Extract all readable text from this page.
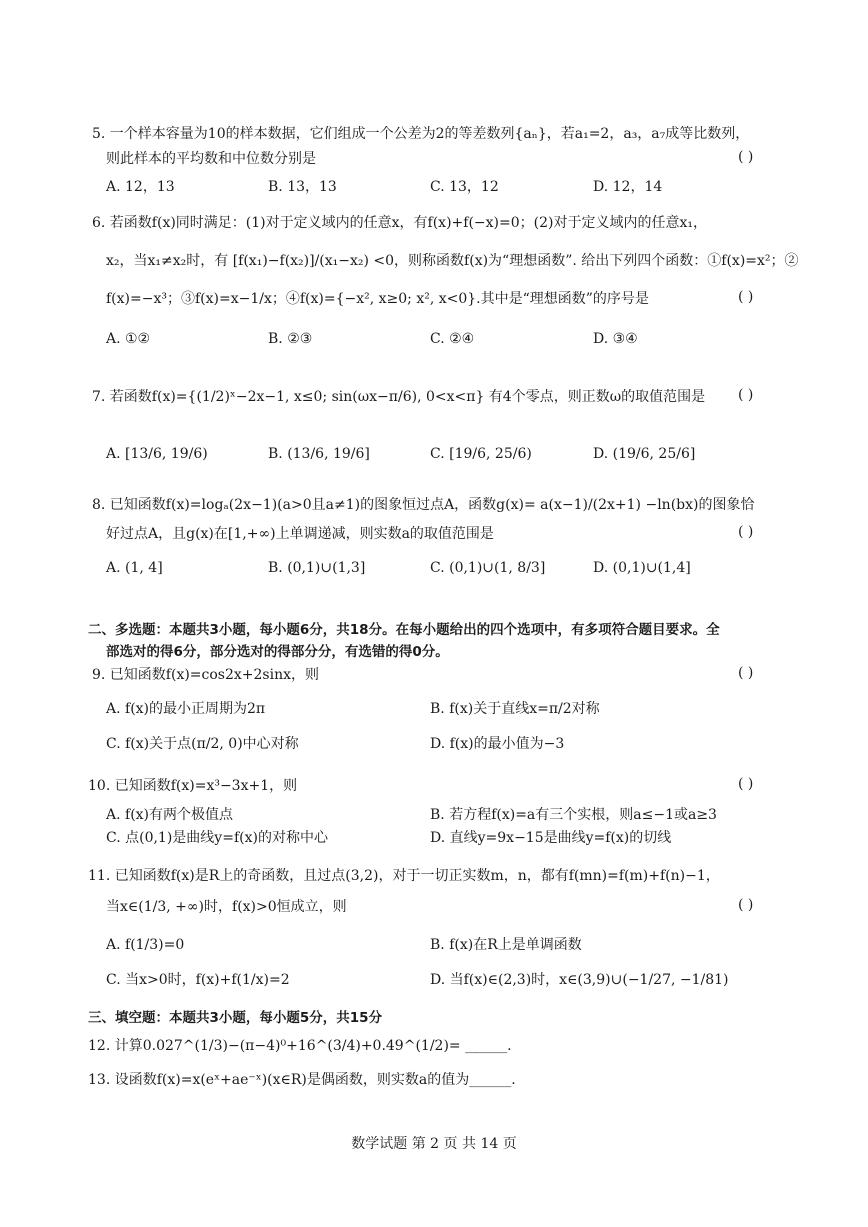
5. 一个样本容量为10的样本数据，它们组成一个公差为2的等差数列{aₙ}，若a₁=2，a₃，a₇成等比数列，
则此样本的平均数和中位数分别是	( )
A. 12，13	B. 13，13	C. 13，12	D. 12，14
6. 若函数f(x)同时满足：(1)对于定义域内的任意x，有f(x)+f(−x)=0；(2)对于定义域内的任意x₁，
x₂，当x₁≠x₂时，有 [f(x₁)−f(x₂)]/(x₁−x₂) <0，则称函数f(x)为“理想函数”. 给出下列四个函数：①f(x)=x²；②
f(x)=−x³；③f(x)=x−1/x；④f(x)={−x², x≥0; x², x<0}.其中是“理想函数”的序号是	( )
A. ①②	B. ②③	C. ②④	D. ③④
7. 若函数f(x)={(1/2)ˣ−2x−1, x≤0; sin(ωx−π/6), 0<x<π} 有4个零点，则正数ω的取值范围是 ( )
A. [13/6, 19/6)	B. (13/6, 19/6]	C. [19/6, 25/6)	D. (19/6, 25/6]
8. 已知函数f(x)=logₐ(2x−1)(a>0且a≠1)的图象恒过点A，函数g(x)= a(x−1)/(2x+1) −ln(bx)的图象恰
好过点A，且g(x)在[1,+∞)上单调递减，则实数a的取值范围是	( )
A. (1, 4]	B. (0,1)∪(1,3]	C. (0,1)∪(1, 8/3]	D. (0,1)∪(1,4]
二、多选题：本题共3小题，每小题6分，共18分。在每小题给出的四个选项中，有多项符合题目要求。全
部选对的得6分，部分选对的得部分分，有选错的得0分。
9. 已知函数f(x)=cos2x+2sinx，则	( )
A. f(x)的最小正周期为2π	B. f(x)关于直线x=π/2对称
C. f(x)关于点(π/2, 0)中心对称	D. f(x)的最小值为−3
10. 已知函数f(x)=x³−3x+1，则	( )
A. f(x)有两个极值点	B. 若方程f(x)=a有三个实根，则a≤−1或a≥3
C. 点(0,1)是曲线y=f(x)的对称中心	D. 直线y=9x−15是曲线y=f(x)的切线
11. 已知函数f(x)是R上的奇函数，且过点(3,2)，对于一切正实数m，n，都有f(mn)=f(m)+f(n)−1，
当x∈(1/3, +∞)时，f(x)>0恒成立，则	( )
A. f(1/3)=0	B. f(x)在R上是单调函数
C. 当x>0时，f(x)+f(1/x)=2	D. 当f(x)∈(2,3)时，x∈(3,9)∪(−1/27, −1/81)
三、填空题：本题共3小题，每小题5分，共15分
12. 计算0.027^(1/3)−(π−4)⁰+16^(3/4)+0.49^(1/2)= ______.
13. 设函数f(x)=x(eˣ+ae⁻ˣ)(x∈R)是偶函数，则实数a的值为______.
数学试题 第 2 页 共 14 页
